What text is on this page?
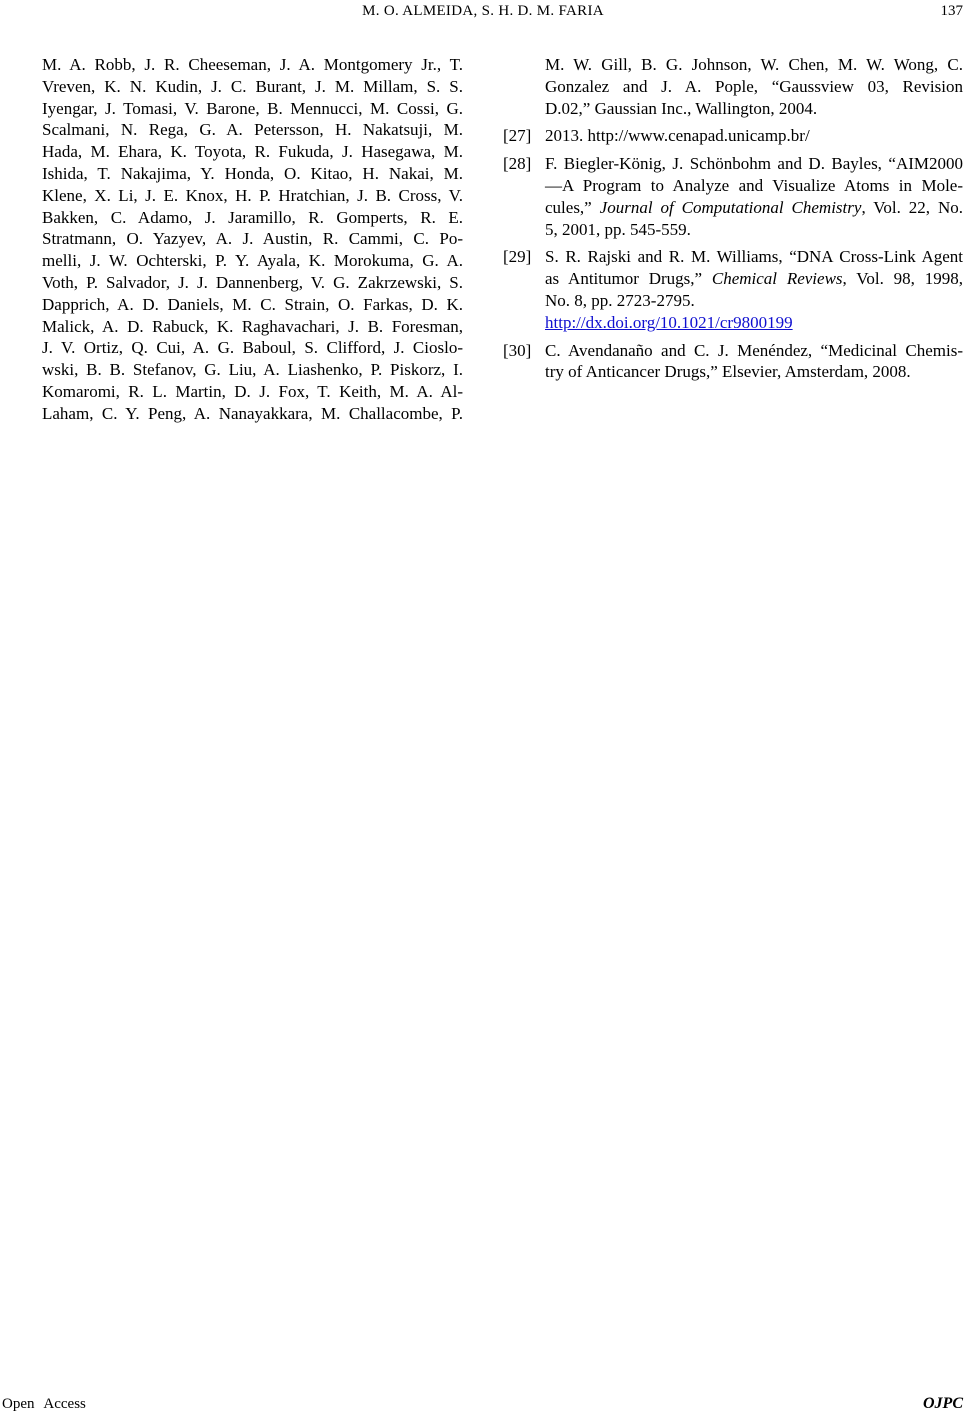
M. O. ALMEIDA, S. H. D. M. FARIA	137
M. A. Robb, J. R. Cheeseman, J. A. Montgomery Jr., T.
Vreven, K. N. Kudin, J. C. Burant, J. M. Millam, S. S.
Iyengar, J. Tomasi, V. Barone, B. Mennucci, M. Cossi, G.
Scalmani, N. Rega, G. A. Petersson, H. Nakatsuji, M.
Hada, M. Ehara, K. Toyota, R. Fukuda, J. Hasegawa, M.
Ishida, T. Nakajima, Y. Honda, O. Kitao, H. Nakai, M.
Klene, X. Li, J. E. Knox, H. P. Hratchian, J. B. Cross, V.
Bakken, C. Adamo, J. Jaramillo, R. Gomperts, R. E.
Stratmann, O. Yazyev, A. J. Austin, R. Cammi, C. Po-
melli, J. W. Ochterski, P. Y. Ayala, K. Morokuma, G. A.
Voth, P. Salvador, J. J. Dannenberg, V. G. Zakrzewski, S.
Dapprich, A. D. Daniels, M. C. Strain, O. Farkas, D. K.
Malick, A. D. Rabuck, K. Raghavachari, J. B. Foresman,
J. V. Ortiz, Q. Cui, A. G. Baboul, S. Clifford, J. Cioslo-
wski, B. B. Stefanov, G. Liu, A. Liashenko, P. Piskorz, I.
Komaromi, R. L. Martin, D. J. Fox, T. Keith, M. A. Al-
Laham, C. Y. Peng, A. Nanayakkara, M. Challacombe, P.
M. W. Gill, B. G. Johnson, W. Chen, M. W. Wong, C.
Gonzalez and J. A. Pople, “Gaussview 03, Revision
D.02,” Gaussian Inc., Wallington, 2004.
[27] 2013. http://www.cenapad.unicamp.br/
[28] F. Biegler-König, J. Schönbohm and D. Bayles, “AIM2000
—A Program to Analyze and Visualize Atoms in Mole-
cules,” Journal of Computational Chemistry, Vol. 22, No.
5, 2001, pp. 545-559.
[29] S. R. Rajski and R. M. Williams, “DNA Cross-Link Agent
as Antitumor Drugs,” Chemical Reviews, Vol. 98, 1998,
No. 8, pp. 2723-2795.
http://dx.doi.org/10.1021/cr9800199
[30] C. Avendanaño and C. J. Menéndez, “Medicinal Chemis-
try of Anticancer Drugs,” Elsevier, Amsterdam, 2008.
Open Access	OJPC
